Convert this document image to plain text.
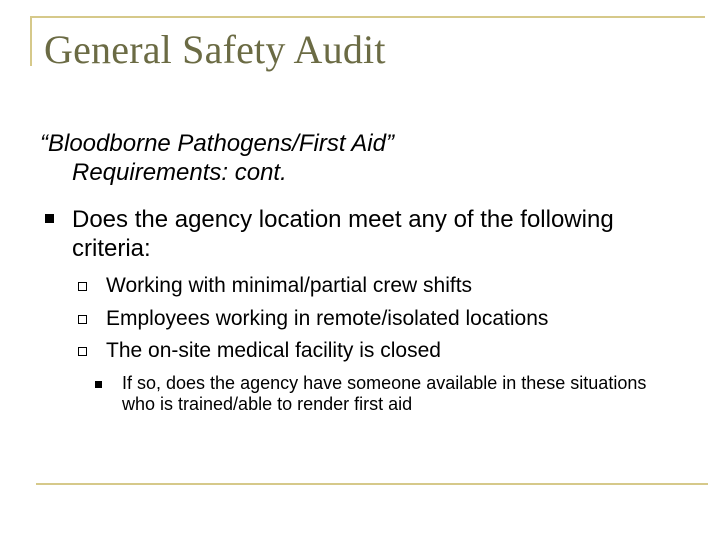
General Safety Audit
“Bloodborne Pathogens/First Aid”
Requirements: cont.
Does the agency location meet any of the following criteria:
Working with minimal/partial crew shifts
Employees working in remote/isolated locations
The on-site medical facility is closed
If so, does the agency have someone available in these situations who is trained/able to render first aid
